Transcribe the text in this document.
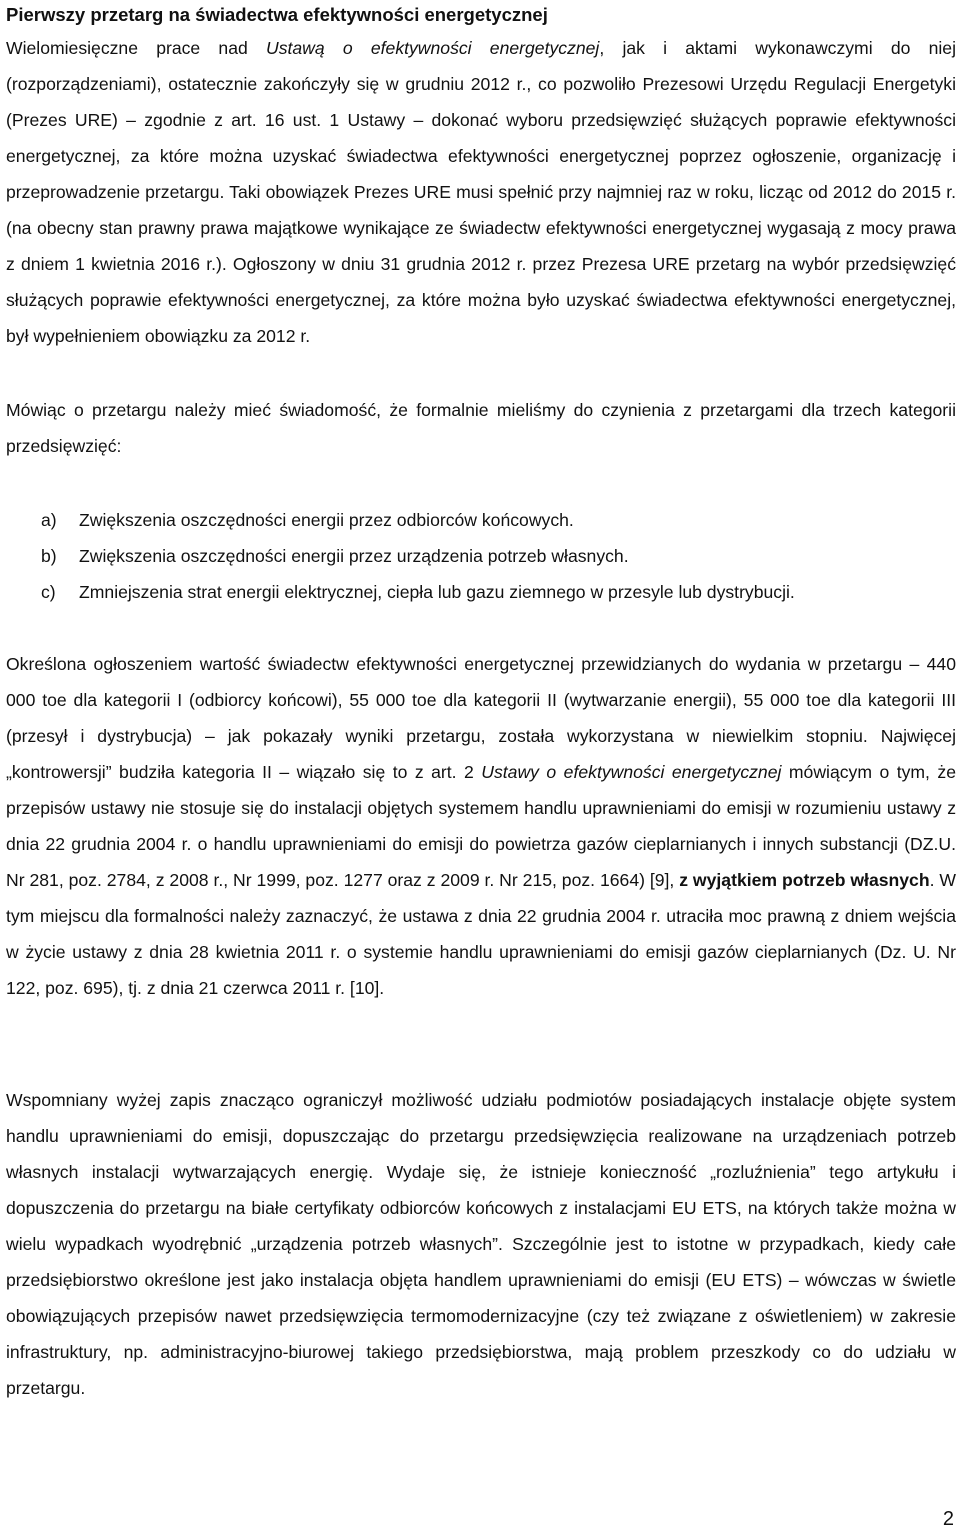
Pierwszy przetarg na świadectwa efektywności energetycznej

Wielomiesięczne prace nad Ustawą o efektywności energetycznej, jak i aktami wykonawczymi do niej (rozporządzeniami), ostatecznie zakończyły się w grudniu 2012 r., co pozwoliło Prezesowi Urzędu Regulacji Energetyki (Prezes URE) – zgodnie z art. 16 ust. 1 Ustawy – dokonać wyboru przedsięwzięć służących poprawie efektywności energetycznej, za które można uzyskać świadectwa efektywności energetycznej poprzez ogłoszenie, organizację i przeprowadzenie przetargu. Taki obowiązek Prezes URE musi spełnić przy najmniej raz w roku, licząc od 2012 do 2015 r. (na obecny stan prawny prawa majątkowe wynikające ze świadectw efektywności energetycznej wygasają z mocy prawa z dniem 1 kwietnia 2016 r.). Ogłoszony w dniu 31 grudnia 2012 r. przez Prezesa URE przetarg na wybór przedsięwzięć służących poprawie efektywności energetycznej, za które można było uzyskać świadectwa efektywności energetycznej, był wypełnieniem obowiązku za 2012 r.

Mówiąc o przetargu należy mieć świadomość, że formalnie mieliśmy do czynienia z przetargami dla trzech kategorii przedsięwzięć:

a)	Zwiększenia oszczędności energii przez odbiorców końcowych.
b)	Zwiększenia oszczędności energii przez urządzenia potrzeb własnych.
c)	Zmniejszenia strat energii elektrycznej, ciepła lub gazu ziemnego w przesyle lub dystrybucji.

Określona ogłoszeniem wartość świadectw efektywności energetycznej przewidzianych do wydania w przetargu – 440 000 toe dla kategorii I (odbiorcy końcowi), 55 000 toe dla kategorii II (wytwarzanie energii), 55 000 toe dla kategorii III (przesył i dystrybucja) – jak pokazały wyniki przetargu, została wykorzystana w niewielkim stopniu. Najwięcej „kontrowersji” budziła kategoria II – wiązało się to z art. 2 Ustawy o efektywności energetycznej mówiącym o tym, że przepisów ustawy nie stosuje się do instalacji objętych systemem handlu uprawnieniami do emisji w rozumieniu ustawy z dnia 22 grudnia 2004 r. o handlu uprawnieniami do emisji do powietrza gazów cieplarnianych i innych substancji (DZ.U. Nr 281, poz. 2784, z 2008 r., Nr 1999, poz. 1277 oraz z 2009 r. Nr 215, poz. 1664) [9], z wyjątkiem potrzeb własnych. W tym miejscu dla formalności należy zaznaczyć, że ustawa z dnia 22 grudnia 2004 r. utraciła moc prawną z dniem wejścia w życie ustawy z dnia 28 kwietnia 2011 r. o systemie handlu uprawnieniami do emisji gazów cieplarnianych (Dz. U. Nr 122, poz. 695), tj. z dnia 21 czerwca 2011 r. [10].

Wspomniany wyżej zapis znacząco ograniczył możliwość udziału podmiotów posiadających instalacje objęte system handlu uprawnieniami do emisji, dopuszczając do przetargu przedsięwzięcia realizowane na urządzeniach potrzeb własnych instalacji wytwarzających energię. Wydaje się, że istnieje konieczność „rozluźnienia” tego artykułu i dopuszczenia do przetargu na białe certyfikaty odbiorców końcowych z instalacjami EU ETS, na których także można w wielu wypadkach wyodrębnić „urządzenia potrzeb własnych”. Szczególnie jest to istotne w przypadkach, kiedy całe przedsiębiorstwo określone jest jako instalacja objęta handlem uprawnieniami do emisji (EU ETS) – wówczas w świetle obowiązujących przepisów nawet przedsięwzięcia termomodernizacyjne (czy też związane z oświetleniem) w zakresie infrastruktury, np. administracyjno-biurowej takiego przedsiębiorstwa, mają problem przeszkody co do udziału w przetargu.

2
